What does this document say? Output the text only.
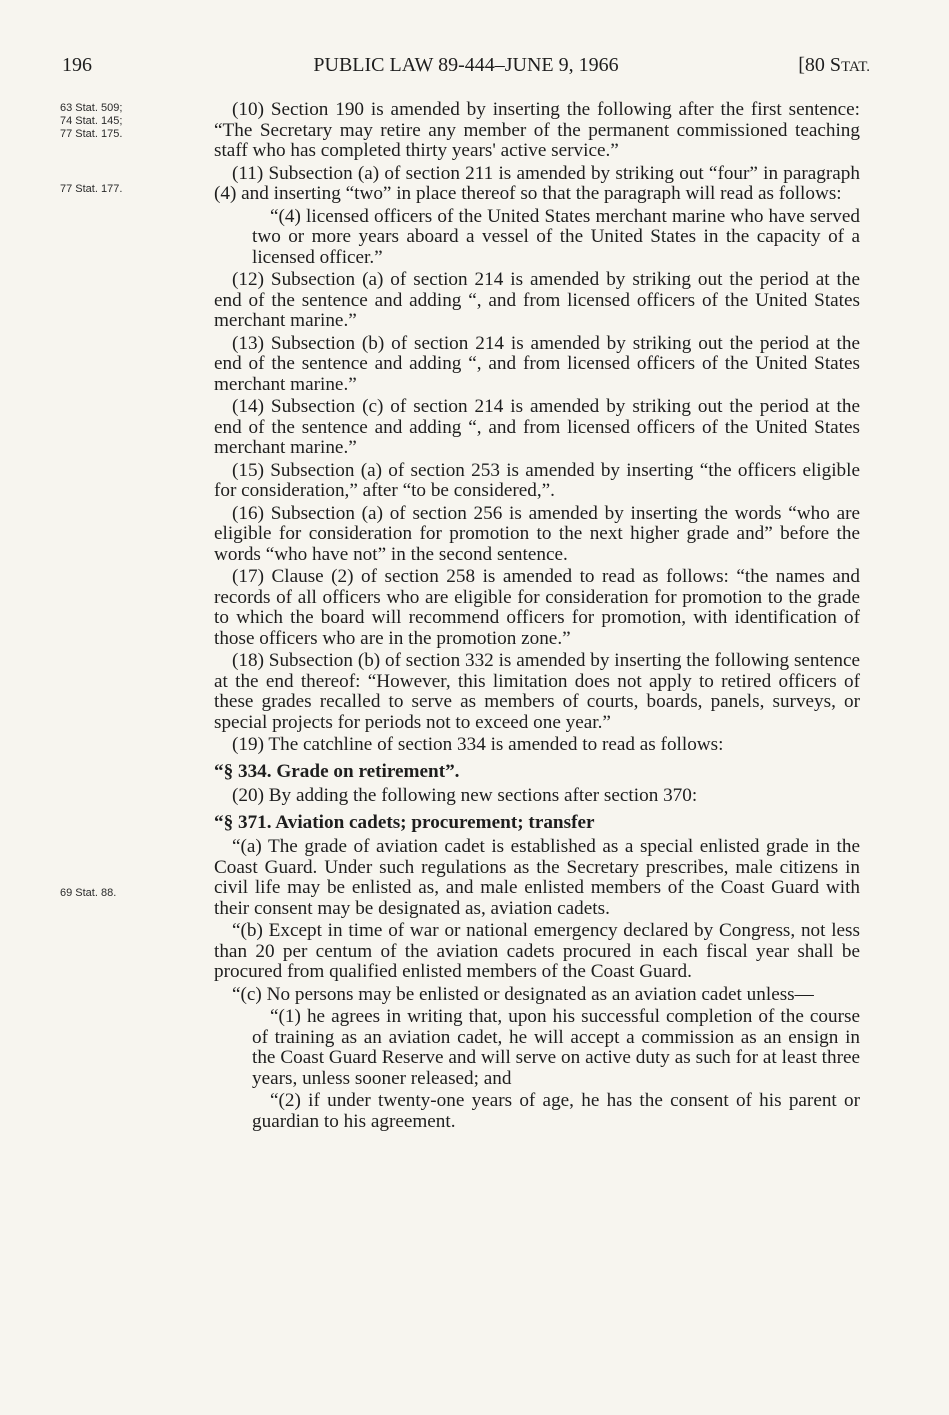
196	PUBLIC LAW 89-444–JUNE 9, 1966	[80 STAT.
63 Stat. 509;
74 Stat. 145;
77 Stat. 175.
77 Stat. 177.
69 Stat. 88.

(10) Section 190 is amended by inserting the following after the first sentence: “The Secretary may retire any member of the permanent commissioned teaching staff who has completed thirty years' active service.”

(11) Subsection (a) of section 211 is amended by striking out “four” in paragraph (4) and inserting “two” in place thereof so that the paragraph will read as follows:

“(4) licensed officers of the United States merchant marine who have served two or more years aboard a vessel of the United States in the capacity of a licensed officer.”

(12) Subsection (a) of section 214 is amended by striking out the period at the end of the sentence and adding “, and from licensed officers of the United States merchant marine.”

(13) Subsection (b) of section 214 is amended by striking out the period at the end of the sentence and adding “, and from licensed officers of the United States merchant marine.”

(14) Subsection (c) of section 214 is amended by striking out the period at the end of the sentence and adding “, and from licensed officers of the United States merchant marine.”

(15) Subsection (a) of section 253 is amended by inserting “the officers eligible for consideration,” after “to be considered,”.

(16) Subsection (a) of section 256 is amended by inserting the words “who are eligible for consideration for promotion to the next higher grade and” before the words “who have not” in the second sentence.

(17) Clause (2) of section 258 is amended to read as follows: “the names and records of all officers who are eligible for consideration for promotion to the grade to which the board will recommend officers for promotion, with identification of those officers who are in the promotion zone.”

(18) Subsection (b) of section 332 is amended by inserting the following sentence at the end thereof: “However, this limitation does not apply to retired officers of these grades recalled to serve as members of courts, boards, panels, surveys, or special projects for periods not to exceed one year.”

(19) The catchline of section 334 is amended to read as follows:

“§ 334. Grade on retirement”.

(20) By adding the following new sections after section 370:

“§ 371. Aviation cadets; procurement; transfer

“(a) The grade of aviation cadet is established as a special enlisted grade in the Coast Guard. Under such regulations as the Secretary prescribes, male citizens in civil life may be enlisted as, and male enlisted members of the Coast Guard with their consent may be designated as, aviation cadets.

“(b) Except in time of war or national emergency declared by Congress, not less than 20 per centum of the aviation cadets procured in each fiscal year shall be procured from qualified enlisted members of the Coast Guard.

“(c) No persons may be enlisted or designated as an aviation cadet unless—

“(1) he agrees in writing that, upon his successful completion of the course of training as an aviation cadet, he will accept a commission as an ensign in the Coast Guard Reserve and will serve on active duty as such for at least three years, unless sooner released; and

“(2) if under twenty-one years of age, he has the consent of his parent or guardian to his agreement.
